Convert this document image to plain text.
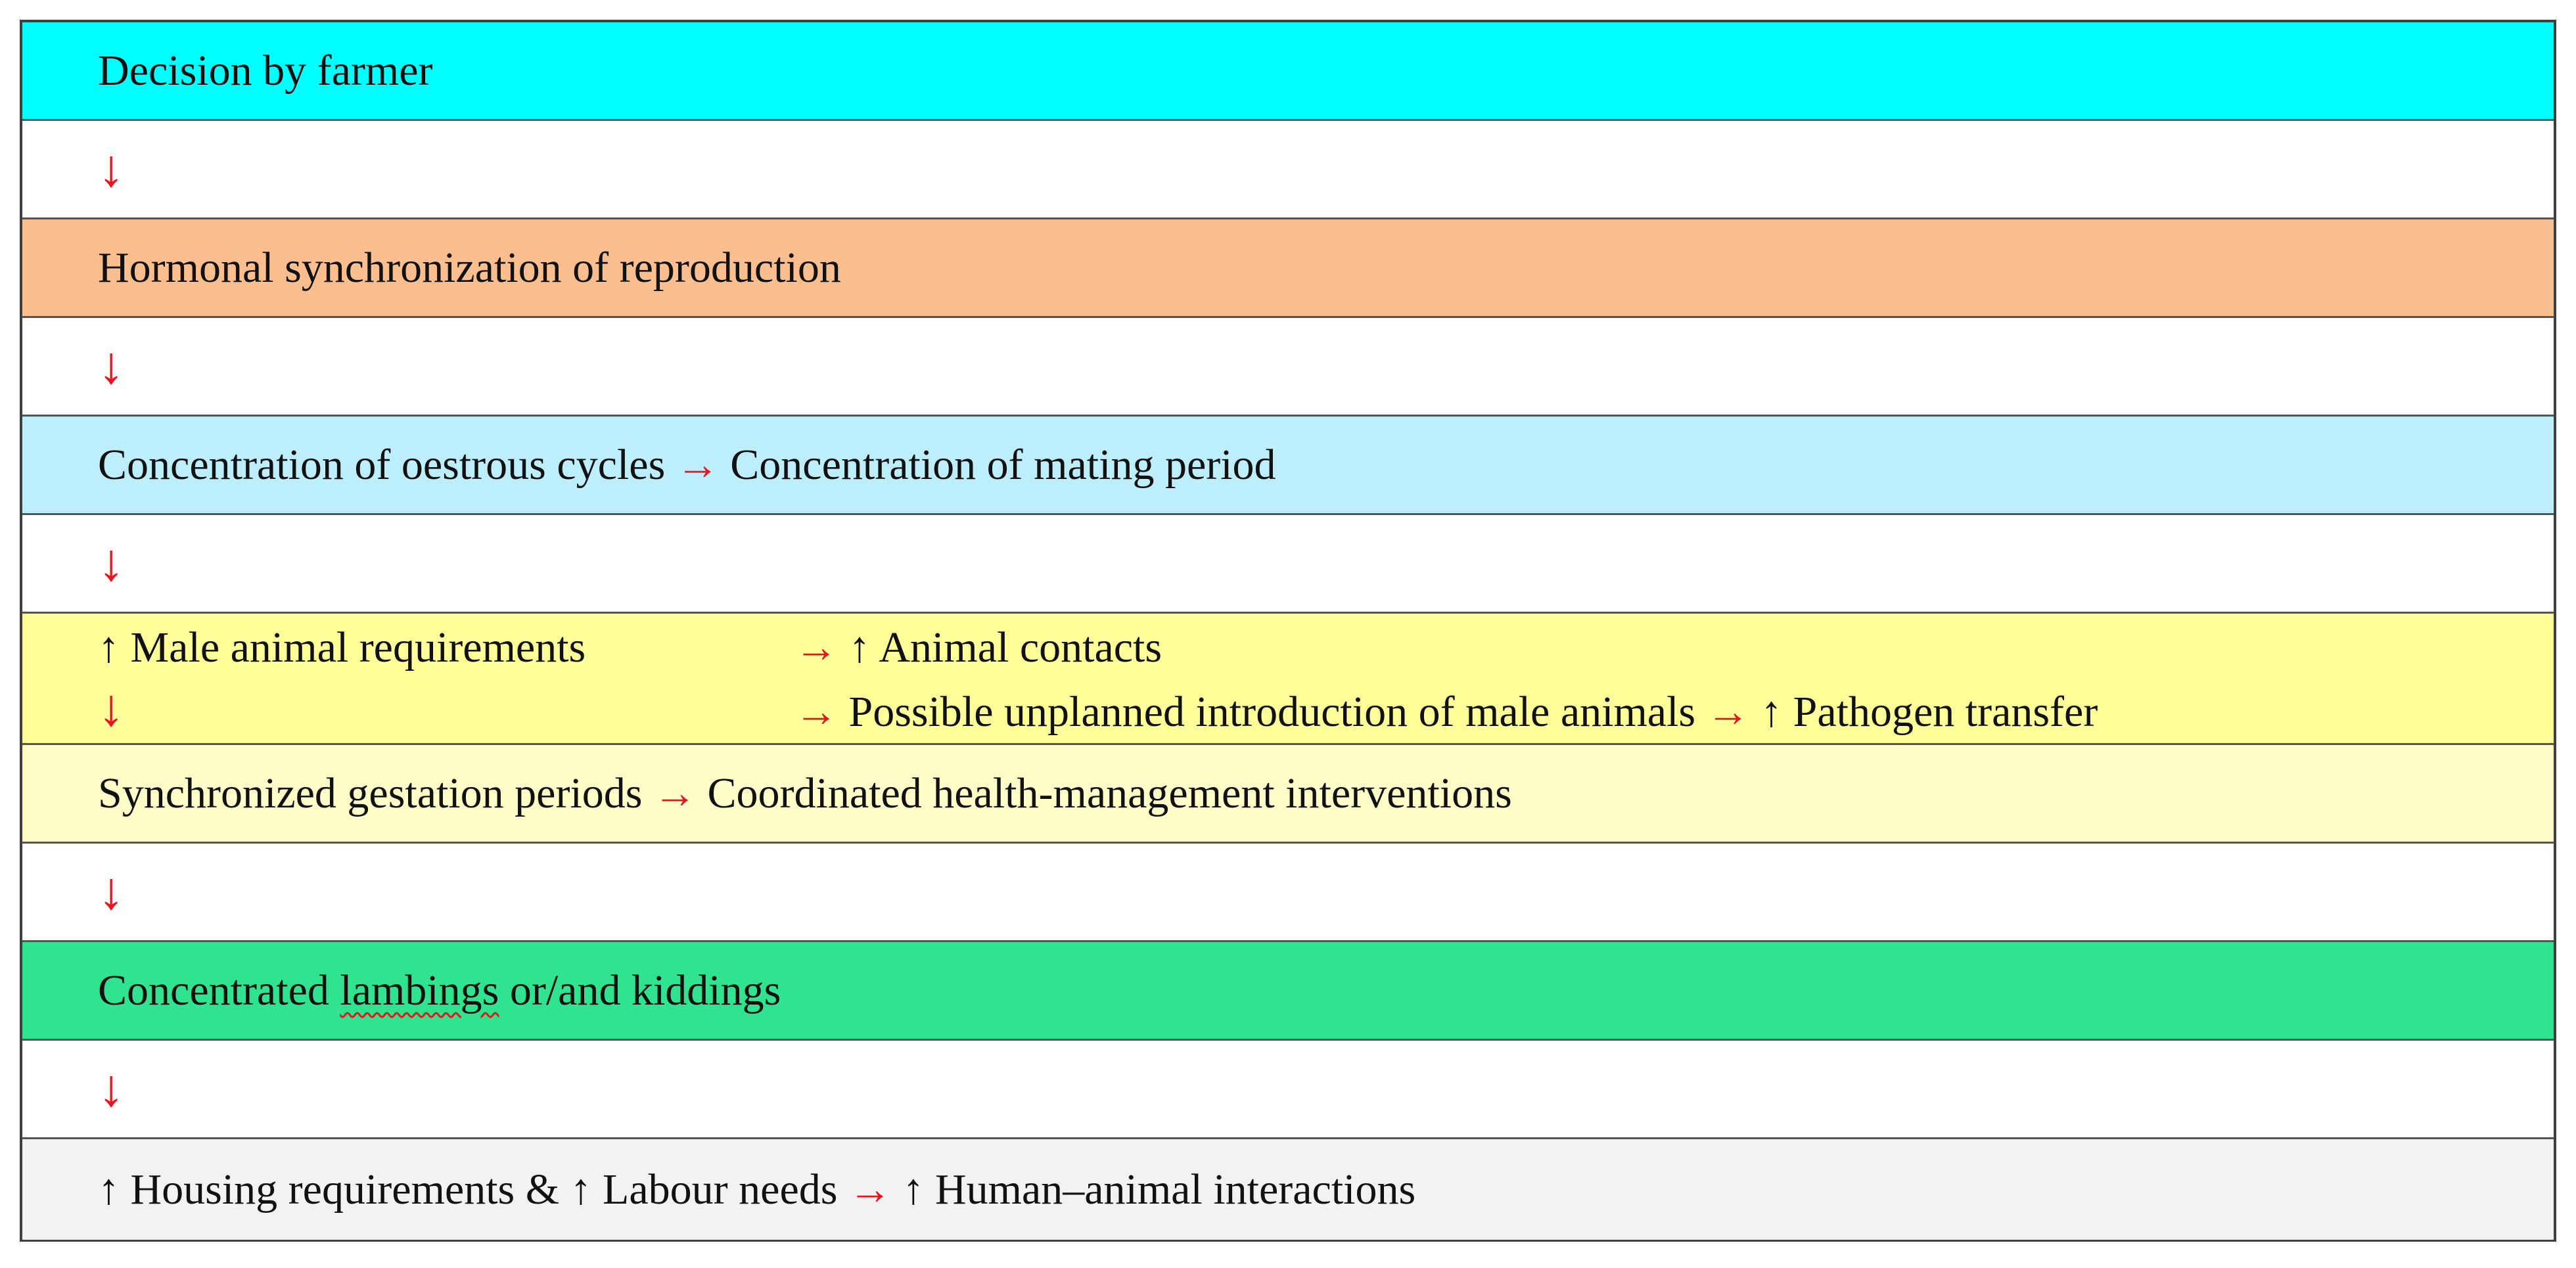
Decision by farmer
↓
Hormonal synchronization of reproduction
↓
Concentration of oestrous cycles → Concentration of mating period
↓
↑ Male animal requirements	→ ↑ Animal contacts
↓	→ Possible unplanned introduction of male animals → ↑ Pathogen transfer
Synchronized gestation periods → Coordinated health-management interventions
↓
Concentrated lambings or/and kiddings
↓
↑ Housing requirements & ↑ Labour needs → ↑ Human–animal interactions
